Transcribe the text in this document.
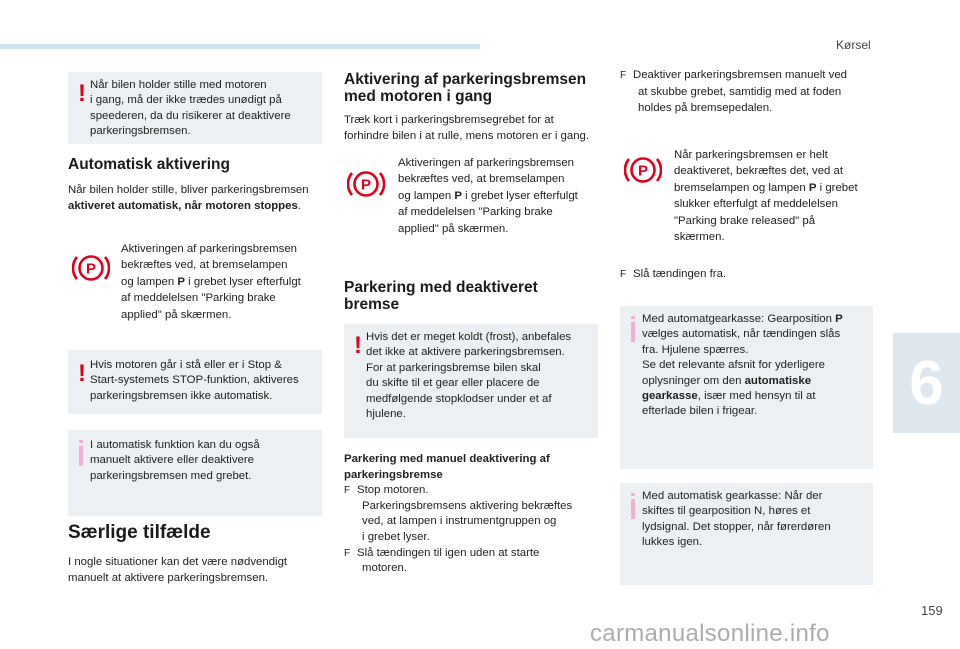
Kørsel
6
159
carmanualsonline.info
! Når bilen holder stille med motoren
i gang, må der ikke trædes unødigt på
speederen, da du risikerer at deaktivere
parkeringsbremsen.
Automatisk aktivering
Når bilen holder stille, bliver parkeringsbremsen
aktiveret automatisk, når motoren stoppes.
P
Aktiveringen af parkeringsbremsen
bekræftes ved, at bremselampen
og lampen P i grebet lyser efterfulgt
af meddelelsen "Parking brake
applied" på skærmen.
! Hvis motoren går i stå eller er i Stop &
Start-systemets STOP-funktion, aktiveres
parkeringsbremsen ikke automatisk.
I automatisk funktion kan du også
manuelt aktivere eller deaktivere
parkeringsbremsen med grebet.
Særlige tilfælde
I nogle situationer kan det være nødvendigt
manuelt at aktivere parkeringsbremsen.
Aktivering af parkeringsbremsen
med motoren i gang
Træk kort i parkeringsbremsegrebet for at
forhindre bilen i at rulle, mens motoren er i gang.
P
Aktiveringen af parkeringsbremsen
bekræftes ved, at bremselampen
og lampen P i grebet lyser efterfulgt
af meddelelsen "Parking brake
applied" på skærmen.
Parkering med deaktiveret
bremse
! Hvis det er meget koldt (frost), anbefales
det ikke at aktivere parkeringsbremsen.
For at parkeringsbremse bilen skal
du skifte til et gear eller placere de
medfølgende stopklodser under et af
hjulene.
Parkering med manuel deaktivering af
parkeringsbremse
F Stop motoren.
Parkeringsbremsens aktivering bekræftes
ved, at lampen i instrumentgruppen og
i grebet lyser.
F Slå tændingen til igen uden at starte
motoren.
F Deaktiver parkeringsbremsen manuelt ved
at skubbe grebet, samtidig med at foden
holdes på bremsepedalen.
P
Når parkeringsbremsen er helt
deaktiveret, bekræftes det, ved at
bremselampen og lampen P i grebet
slukker efterfulgt af meddelelsen
"Parking brake released" på
skærmen.
F Slå tændingen fra.
Med automatgearkasse: Gearposition P
vælges automatisk, når tændingen slås
fra. Hjulene spærres.
Se det relevante afsnit for yderligere
oplysninger om den automatiske
gearkasse, især med hensyn til at
efterlade bilen i frigear.
Med automatisk gearkasse: Når der
skiftes til gearposition N, høres et
lydsignal. Det stopper, når førerdøren
lukkes igen.
